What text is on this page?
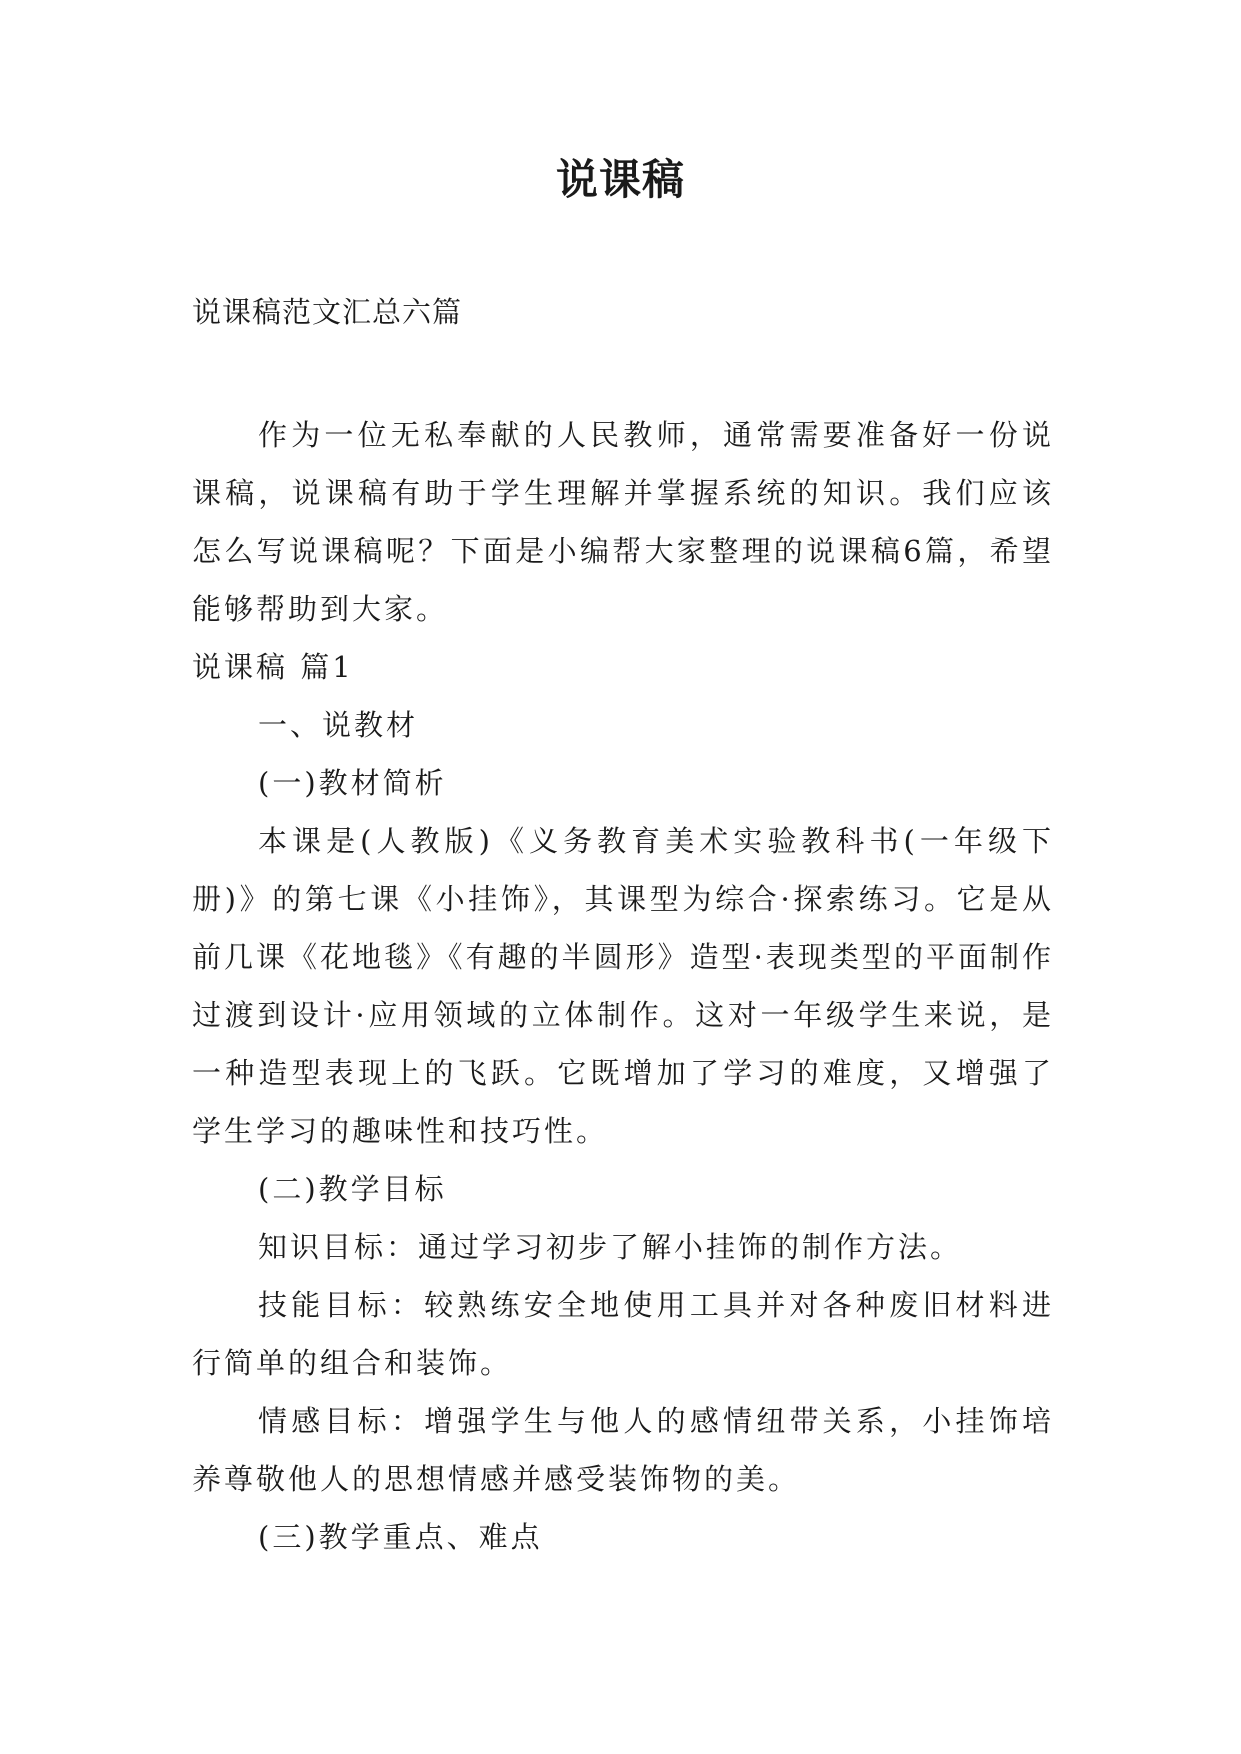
说课稿
说课稿范文汇总六篇

作为一位无私奉献的人民教师，通常需要准备好一份说课稿，说课稿有助于学生理解并掌握系统的知识。我们应该怎么写说课稿呢？下面是小编帮大家整理的说课稿6篇，希望能够帮助到大家。

说课稿 篇1

一、说教材

(一)教材简析

本课是(人教版)《义务教育美术实验教科书(一年级下册)》的第七课《小挂饰》，其课型为综合·探索练习。它是从前几课《花地毯》《有趣的半圆形》造型·表现类型的平面制作过渡到设计·应用领域的立体制作。这对一年级学生来说，是一种造型表现上的飞跃。它既增加了学习的难度，又增强了学生学习的趣味性和技巧性。

(二)教学目标

知识目标：通过学习初步了解小挂饰的制作方法。

技能目标：较熟练安全地使用工具并对各种废旧材料进行简单的组合和装饰。

情感目标：增强学生与他人的感情纽带关系，小挂饰培养尊敬他人的思想情感并感受装饰物的美。

(三)教学重点、难点
